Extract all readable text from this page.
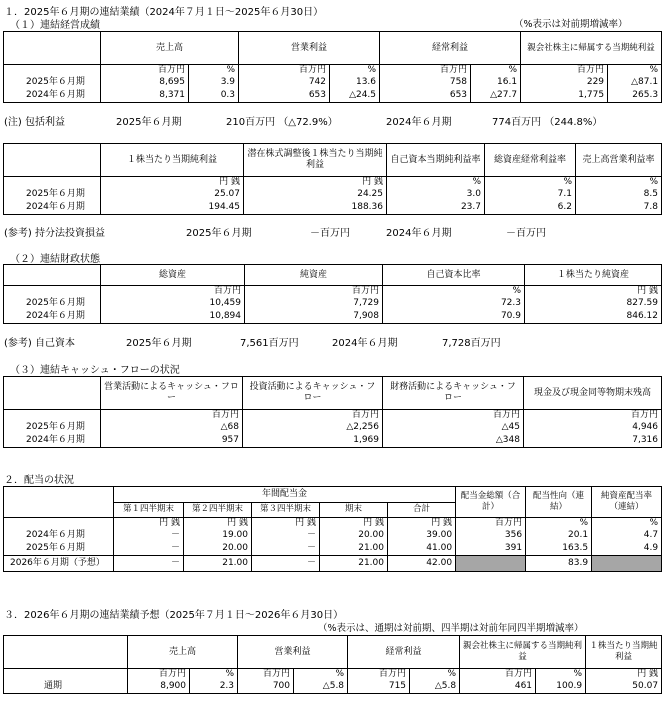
１．2025年６月期の連結業績（2024年７月１日～2025年６月30日）
（１）連結経営成績	（%表示は対前期増減率）
	売上高		営業利益		経常利益		親会社株主に帰属する当期純利益	
	百万円	%	百万円	%	百万円	%	百万円	%
2025年６月期	8,695	3.9	742	13.6	758	16.1	229	△87.1
2024年６月期	8,371	0.3	653	△24.5	653	△27.7	1,775	265.3
(注) 包括利益	2025年６月期	210百万円 （△72.9%）	2024年６月期	774百万円 （244.8%）
	１株当たり当期純利益	潜在株式調整後１株当たり当期純利益	自己資本当期純利益率	総資産経常利益率	売上高営業利益率
	円 銭	円 銭	%	%	%
2025年６月期	25.07	24.25	3.0	7.1	8.5
2024年６月期	194.45	188.36	23.7	6.2	7.8
(参考) 持分法投資損益	2025年６月期	－百万円	2024年６月期	－百万円
（２）連結財政状態
	総資産	純資産	自己資本比率	１株当たり純資産
	百万円	百万円	%	円 銭
2025年６月期	10,459	7,729	72.3	827.59
2024年６月期	10,894	7,908	70.9	846.12
(参考) 自己資本	2025年６月期	7,561百万円	2024年６月期	7,728百万円
（３）連結キャッシュ・フローの状況
	営業活動によるキャッシュ・フロー	投資活動によるキャッシュ・フロー	財務活動によるキャッシュ・フロー	現金及び現金同等物期末残高
	百万円	百万円	百万円	百万円
2025年６月期	△68	△2,256	△45	4,946
2024年６月期	957	1,969	△348	7,316
２．配当の状況
	年間配当金					配当金総額（合計）	配当性向（連結）	純資産配当率（連結）
	第１四半期末	第２四半期末	第３四半期末	期末	合計			
	円 銭	円 銭	円 銭	円 銭	円 銭	百万円	%	%
2024年６月期	－	19.00	－	20.00	39.00	356	20.1	4.7
2025年６月期	－	20.00	－	21.00	41.00	391	163.5	4.9
2026年６月期（予想）	－	21.00	－	21.00	42.00		83.9	
３．2026年６月期の連結業績予想（2025年７月１日～2026年６月30日）
（%表示は、通期は対前期、四半期は対前年同四半期増減率）
	売上高		営業利益		経常利益		親会社株主に帰属する当期純利益		１株当たり当期純利益
	百万円	%	百万円	%	百万円	%	百万円	%	円 銭
通期	8,900	2.3	700	△5.8	715	△5.8	461	100.9	50.07
